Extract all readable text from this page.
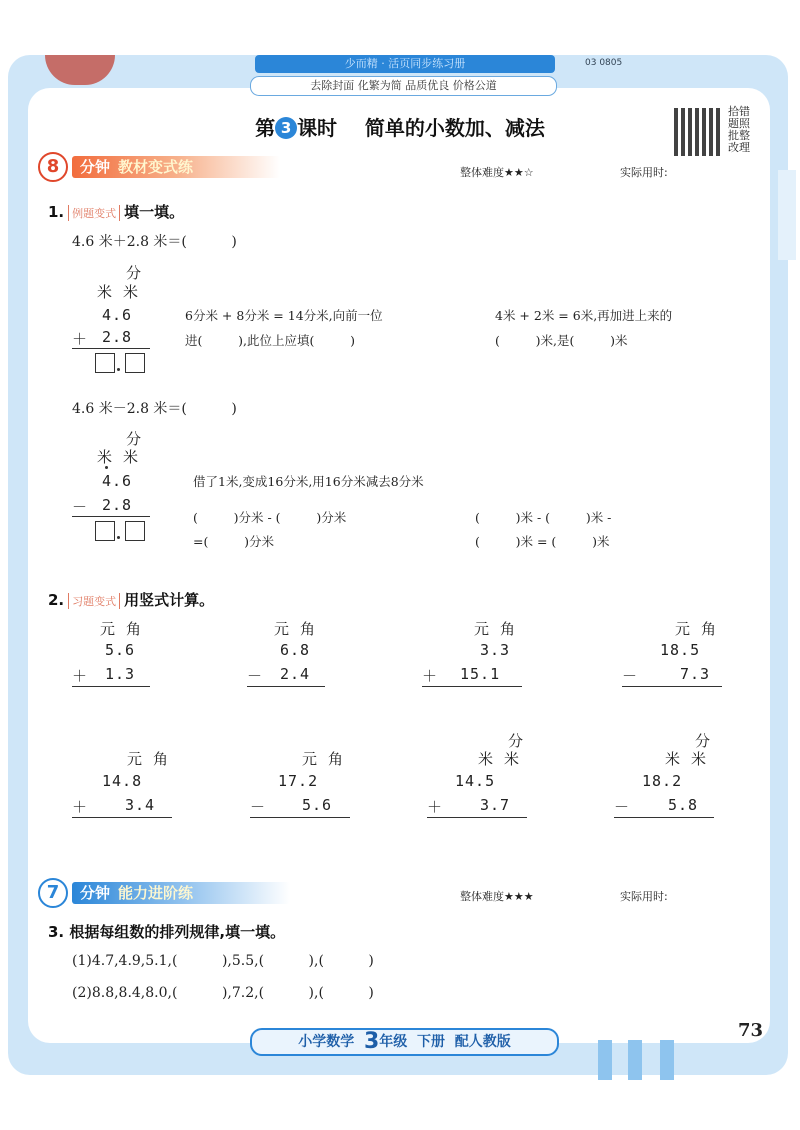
少而精 · 活页同步练习册	03 0805
去除封面 化繁为简 品质优良 价格公道
第 3 课时 简单的小数加、减法
拾错
题照
批整
改理
8	分钟 教材变式练	整体难度★★☆	实际用时:
1. 例题变式 填一填。
4.6 米＋2.8 米＝(          )
分
米 米
4.6
＋ 2.8
6分米 + 8分米 = 14分米,向前一位
进(         ),此位上应填(         )
4米 + 2米 = 6米,再加进上来的
(         )米,是(         )米
4.6 米－2.8 米＝(          )
分
米 米
4.6
－ 2.8
借了1米,变成16分米,用16分米减去8分米
(         )分米 - (         )分米
=(         )分米
(         )米 - (         )米 -
(         )米 = (         )米
2. 习题变式 用竖式计算。
元 角
5.6
＋ 1.3
元 角
6.8
－ 2.4
元 角
3.3
＋ 15.1
元 角
18.5
－	7.3
元 角
14.8
＋ 3.4
元 角
17.2
－ 5.6
分
米 米
14.5
＋ 3.7
分
米 米
18.2
－	5.8
7	分钟 能力进阶练	整体难度★★★	实际用时:
3. 根据每组数的排列规律,填一填。
(1)4.7,4.9,5.1,(          ),5.5,(          ),(          )
(2)8.8,8.4,8.0,(          ),7.2,(          ),(          )
小学数学 3年级 下册 配人教版
73
